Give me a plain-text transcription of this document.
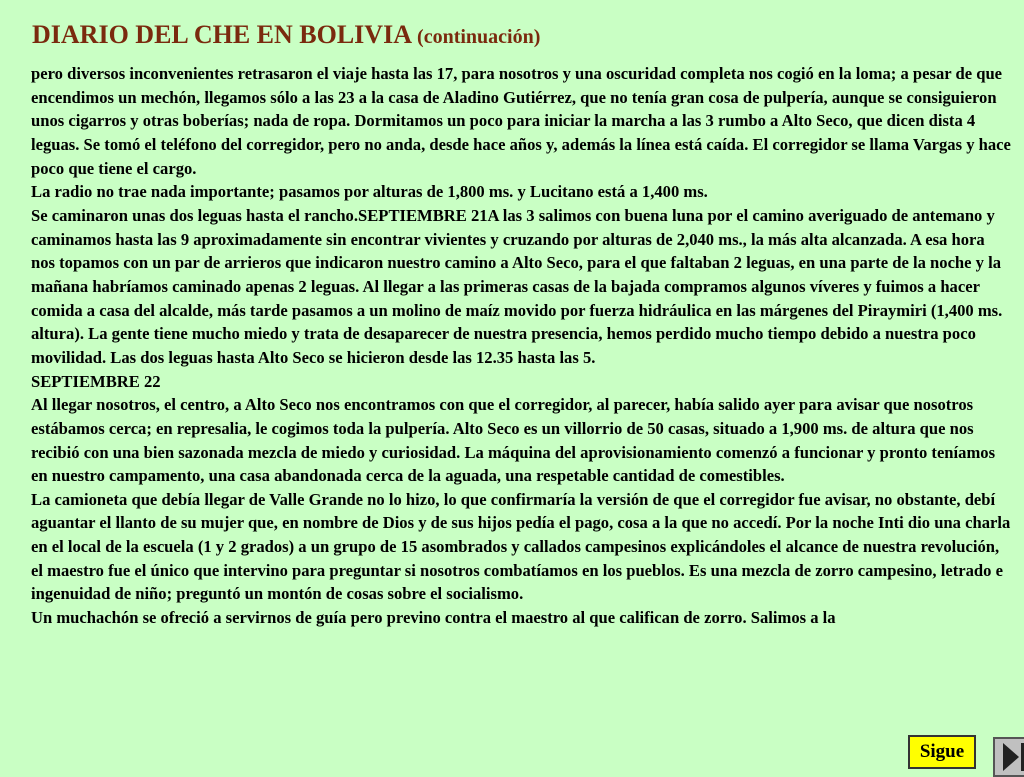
DIARIO DEL CHE EN BOLIVIA (continuación)

pero diversos inconvenientes retrasaron el viaje hasta las 17, para nosotros y una oscuridad completa nos cogió en la loma; a pesar de que encendimos un mechón, llegamos sólo a las 23 a la casa de Aladino Gutiérrez, que no tenía gran cosa de pulpería, aunque se consiguieron unos cigarros y otras boberías; nada de ropa. Dormitamos un poco para iniciar la marcha a las 3 rumbo a Alto Seco, que dicen dista 4 leguas. Se tomó el teléfono del corregidor, pero no anda, desde hace años y, además la línea está caída. El corregidor se llama Vargas y hace poco que tiene el cargo.

La radio no trae nada importante; pasamos por alturas de 1,800 ms. y Lucitano está a 1,400 ms.

Se caminaron unas dos leguas hasta el rancho.SEPTIEMBRE 21A las 3 salimos con buena luna por el camino averiguado de antemano y caminamos hasta las 9 aproximadamente sin encontrar vivientes y cruzando por alturas de 2,040 ms., la más alta alcanzada. A esa hora nos topamos con un par de arrieros que indicaron nuestro camino a Alto Seco, para el que faltaban 2 leguas, en una parte de la noche y la mañana habríamos caminado apenas 2 leguas. Al llegar a las primeras casas de la bajada compramos algunos víveres y fuimos a hacer comida a casa del alcalde, más tarde pasamos a un molino de maíz movido por fuerza hidráulica en las márgenes del Piraymiri (1,400 ms. altura). La gente tiene mucho miedo y trata de desaparecer de nuestra presencia, hemos perdido mucho tiempo debido a nuestra poco movilidad. Las dos leguas hasta Alto Seco se hicieron desde las 12.35 hasta las 5.

SEPTIEMBRE 22

Al llegar nosotros, el centro, a Alto Seco nos encontramos con que el corregidor, al parecer, había salido ayer para avisar que nosotros estábamos cerca; en represalia, le cogimos toda la pulpería. Alto Seco es un villorrio de 50 casas, situado a 1,900 ms. de altura que nos recibió con una bien sazonada mezcla de miedo y curiosidad. La máquina del aprovisionamiento comenzó a funcionar y pronto teníamos en nuestro campamento, una casa abandonada cerca de la aguada, una respetable cantidad de comestibles.

La camioneta que debía llegar de Valle Grande no lo hizo, lo que confirmaría la versión de que el corregidor fue avisar, no obstante, debí aguantar el llanto de su mujer que, en nombre de Dios y de sus hijos pedía el pago, cosa a la que no accedí. Por la noche Inti dio una charla en el local de la escuela (1 y 2 grados) a un grupo de 15 asombrados y callados campesinos explicándoles el alcance de nuestra revolución, el maestro fue el único que intervino para preguntar si nosotros combatíamos en los pueblos. Es una mezcla de zorro campesino, letrado e ingenuidad de niño; preguntó un montón de cosas sobre el socialismo.

Un muchachón se ofreció a servirnos de guía pero previno contra el maestro al que califican de zorro. Salimos a la

Sigue
